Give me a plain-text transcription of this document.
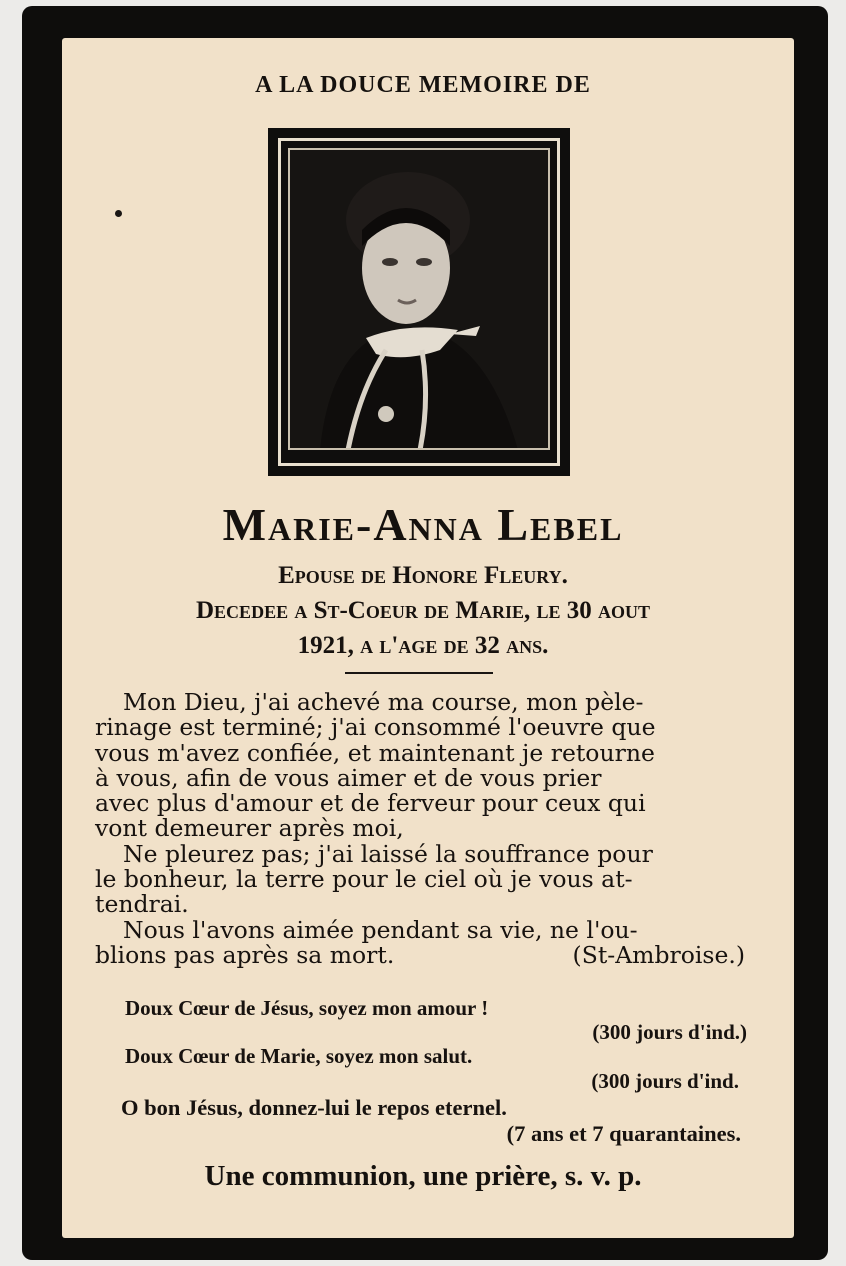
A LA DOUCE MEMOIRE DE
Marie-Anna Lebel
Epouse de Honore Fleury.
Decedee a St-Coeur de Marie, le 30 aout
1921, a l'age de 32 ans.
Mon Dieu, j'ai achevé ma course, mon pèle-
rinage est terminé; j'ai consommé l'oeuvre que
vous m'avez confiée, et maintenant je retourne
à vous, afin de vous aimer et de vous prier
avec plus d'amour et de ferveur pour ceux qui
vont demeurer après moi,
Ne pleurez pas; j'ai laissé la souffrance pour
le bonheur, la terre pour le ciel où je vous at-
tendrai.
Nous l'avons aimée pendant sa vie, ne l'ou-
blions pas après sa mort.	(St-Ambroise.)
Doux Cœur de Jésus, soyez mon amour !
(300 jours d'ind.)
Doux Cœur de Marie, soyez mon salut.
(300 jours d'ind.
O bon Jésus, donnez-lui le repos eternel.
(7 ans et 7 quarantaines.
Une communion, une prière, s. v. p.
